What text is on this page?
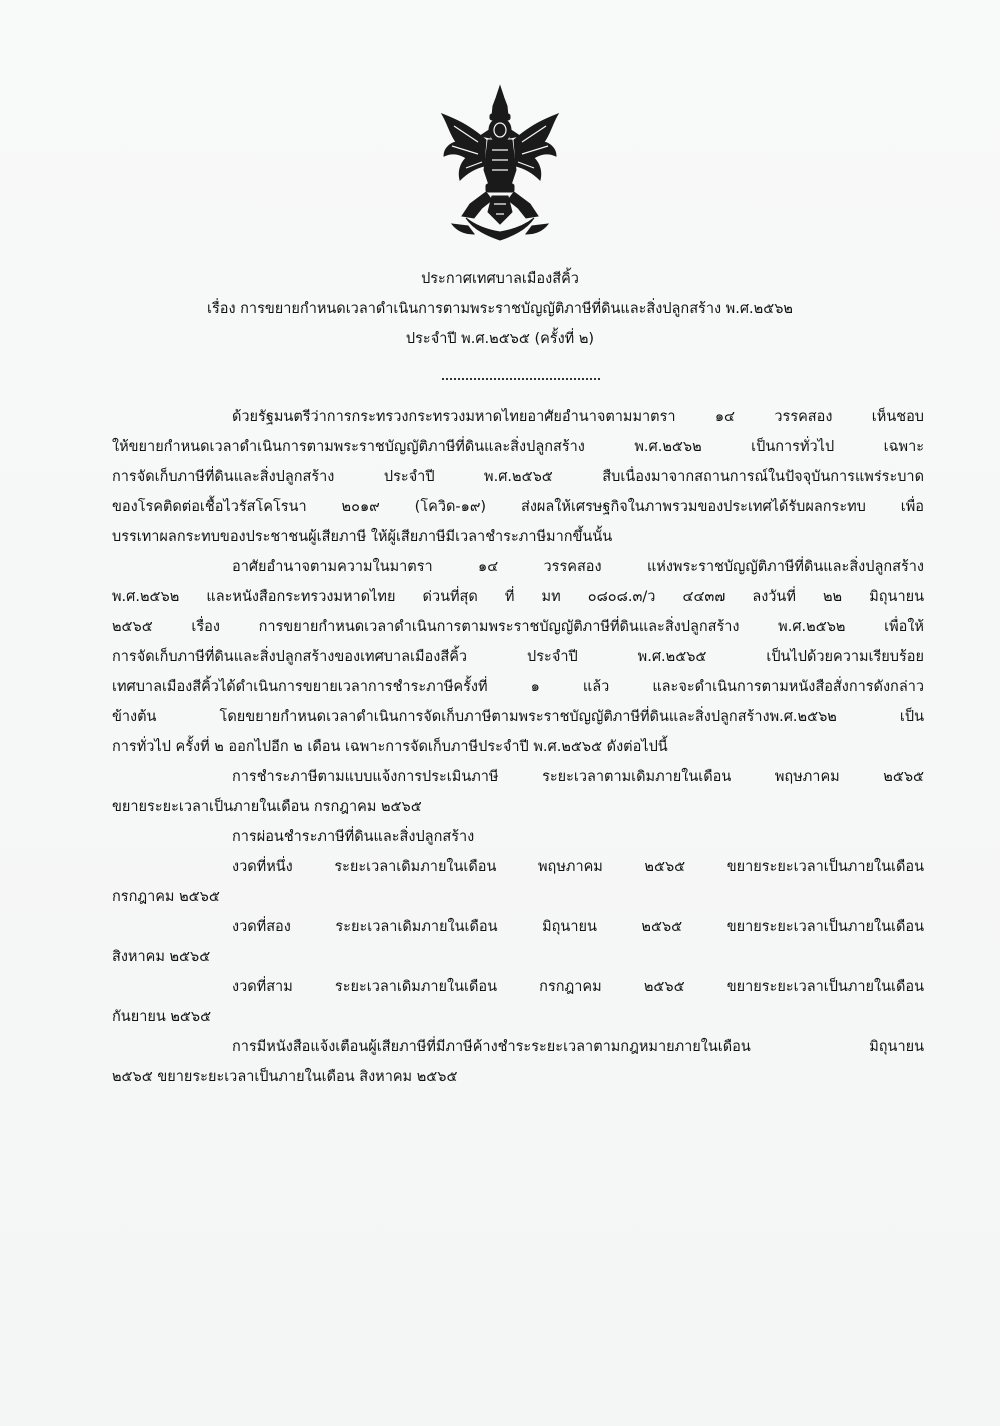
ประกาศเทศบาลเมืองสีคิ้ว
เรื่อง การขยายกำหนดเวลาดำเนินการตามพระราชบัญญัติภาษีที่ดินและสิ่งปลูกสร้าง พ.ศ.๒๕๖๒
ประจำปี พ.ศ.๒๕๖๕ (ครั้งที่ ๒)
ด้วยรัฐมนตรีว่าการกระทรวงกระทรวงมหาดไทยอาศัยอำนาจตามมาตรา ๑๔ วรรคสอง เห็นชอบ
ให้ขยายกำหนดเวลาดำเนินการตามพระราชบัญญัติภาษีที่ดินและสิ่งปลูกสร้าง พ.ศ.๒๕๖๒ เป็นการทั่วไป เฉพาะ
การจัดเก็บภาษีที่ดินและสิ่งปลูกสร้าง ประจำปี พ.ศ.๒๕๖๕ สืบเนื่องมาจากสถานการณ์ในปัจจุบันการแพร่ระบาด
ของโรคติดต่อเชื้อไวรัสโคโรนา ๒๐๑๙ (โควิด-๑๙) ส่งผลให้เศรษฐกิจในภาพรวมของประเทศได้รับผลกระทบ เพื่อ
บรรเทาผลกระทบของประชาชนผู้เสียภาษี ให้ผู้เสียภาษีมีเวลาชำระภาษีมากขึ้นนั้น
อาศัยอำนาจตามความในมาตรา ๑๔ วรรคสอง แห่งพระราชบัญญัติภาษีที่ดินและสิ่งปลูกสร้าง
พ.ศ.๒๕๖๒ และหนังสือกระทรวงมหาดไทย ด่วนที่สุด ที่ มท ๐๘๐๘.๓/ว ๔๔๓๗ ลงวันที่ ๒๒ มิถุนายน
๒๕๖๕ เรื่อง การขยายกำหนดเวลาดำเนินการตามพระราชบัญญัติภาษีที่ดินและสิ่งปลูกสร้าง พ.ศ.๒๕๖๒ เพื่อให้
การจัดเก็บภาษีที่ดินและสิ่งปลูกสร้างของเทศบาลเมืองสีคิ้ว ประจำปี พ.ศ.๒๕๖๕ เป็นไปด้วยความเรียบร้อย
เทศบาลเมืองสีคิ้วได้ดำเนินการขยายเวลาการชำระภาษีครั้งที่ ๑ แล้ว และจะดำเนินการตามหนังสือสั่งการดังกล่าว
ข้างต้น โดยขยายกำหนดเวลาดำเนินการจัดเก็บภาษีตามพระราชบัญญัติภาษีที่ดินและสิ่งปลูกสร้างพ.ศ.๒๕๖๒ เป็น
การทั่วไป ครั้งที่ ๒ ออกไปอีก ๒ เดือน เฉพาะการจัดเก็บภาษีประจำปี พ.ศ.๒๕๖๕ ดังต่อไปนี้
การชำระภาษีตามแบบแจ้งการประเมินภาษี ระยะเวลาตามเดิมภายในเดือน พฤษภาคม ๒๕๖๕
ขยายระยะเวลาเป็นภายในเดือน กรกฎาคม ๒๕๖๕
การผ่อนชำระภาษีที่ดินและสิ่งปลูกสร้าง
งวดที่หนึ่ง ระยะเวลาเดิมภายในเดือน พฤษภาคม ๒๕๖๕ ขยายระยะเวลาเป็นภายในเดือน
กรกฎาคม ๒๕๖๕
งวดที่สอง ระยะเวลาเดิมภายในเดือน มิถุนายน ๒๕๖๕ ขยายระยะเวลาเป็นภายในเดือน
สิงหาคม ๒๕๖๕
งวดที่สาม ระยะเวลาเดิมภายในเดือน กรกฎาคม ๒๕๖๕ ขยายระยะเวลาเป็นภายในเดือน
กันยายน ๒๕๖๕
การมีหนังสือแจ้งเตือนผู้เสียภาษีที่มีภาษีค้างชำระระยะเวลาตามกฎหมายภายในเดือน มิถุนายน
๒๕๖๕ ขยายระยะเวลาเป็นภายในเดือน สิงหาคม ๒๕๖๕
